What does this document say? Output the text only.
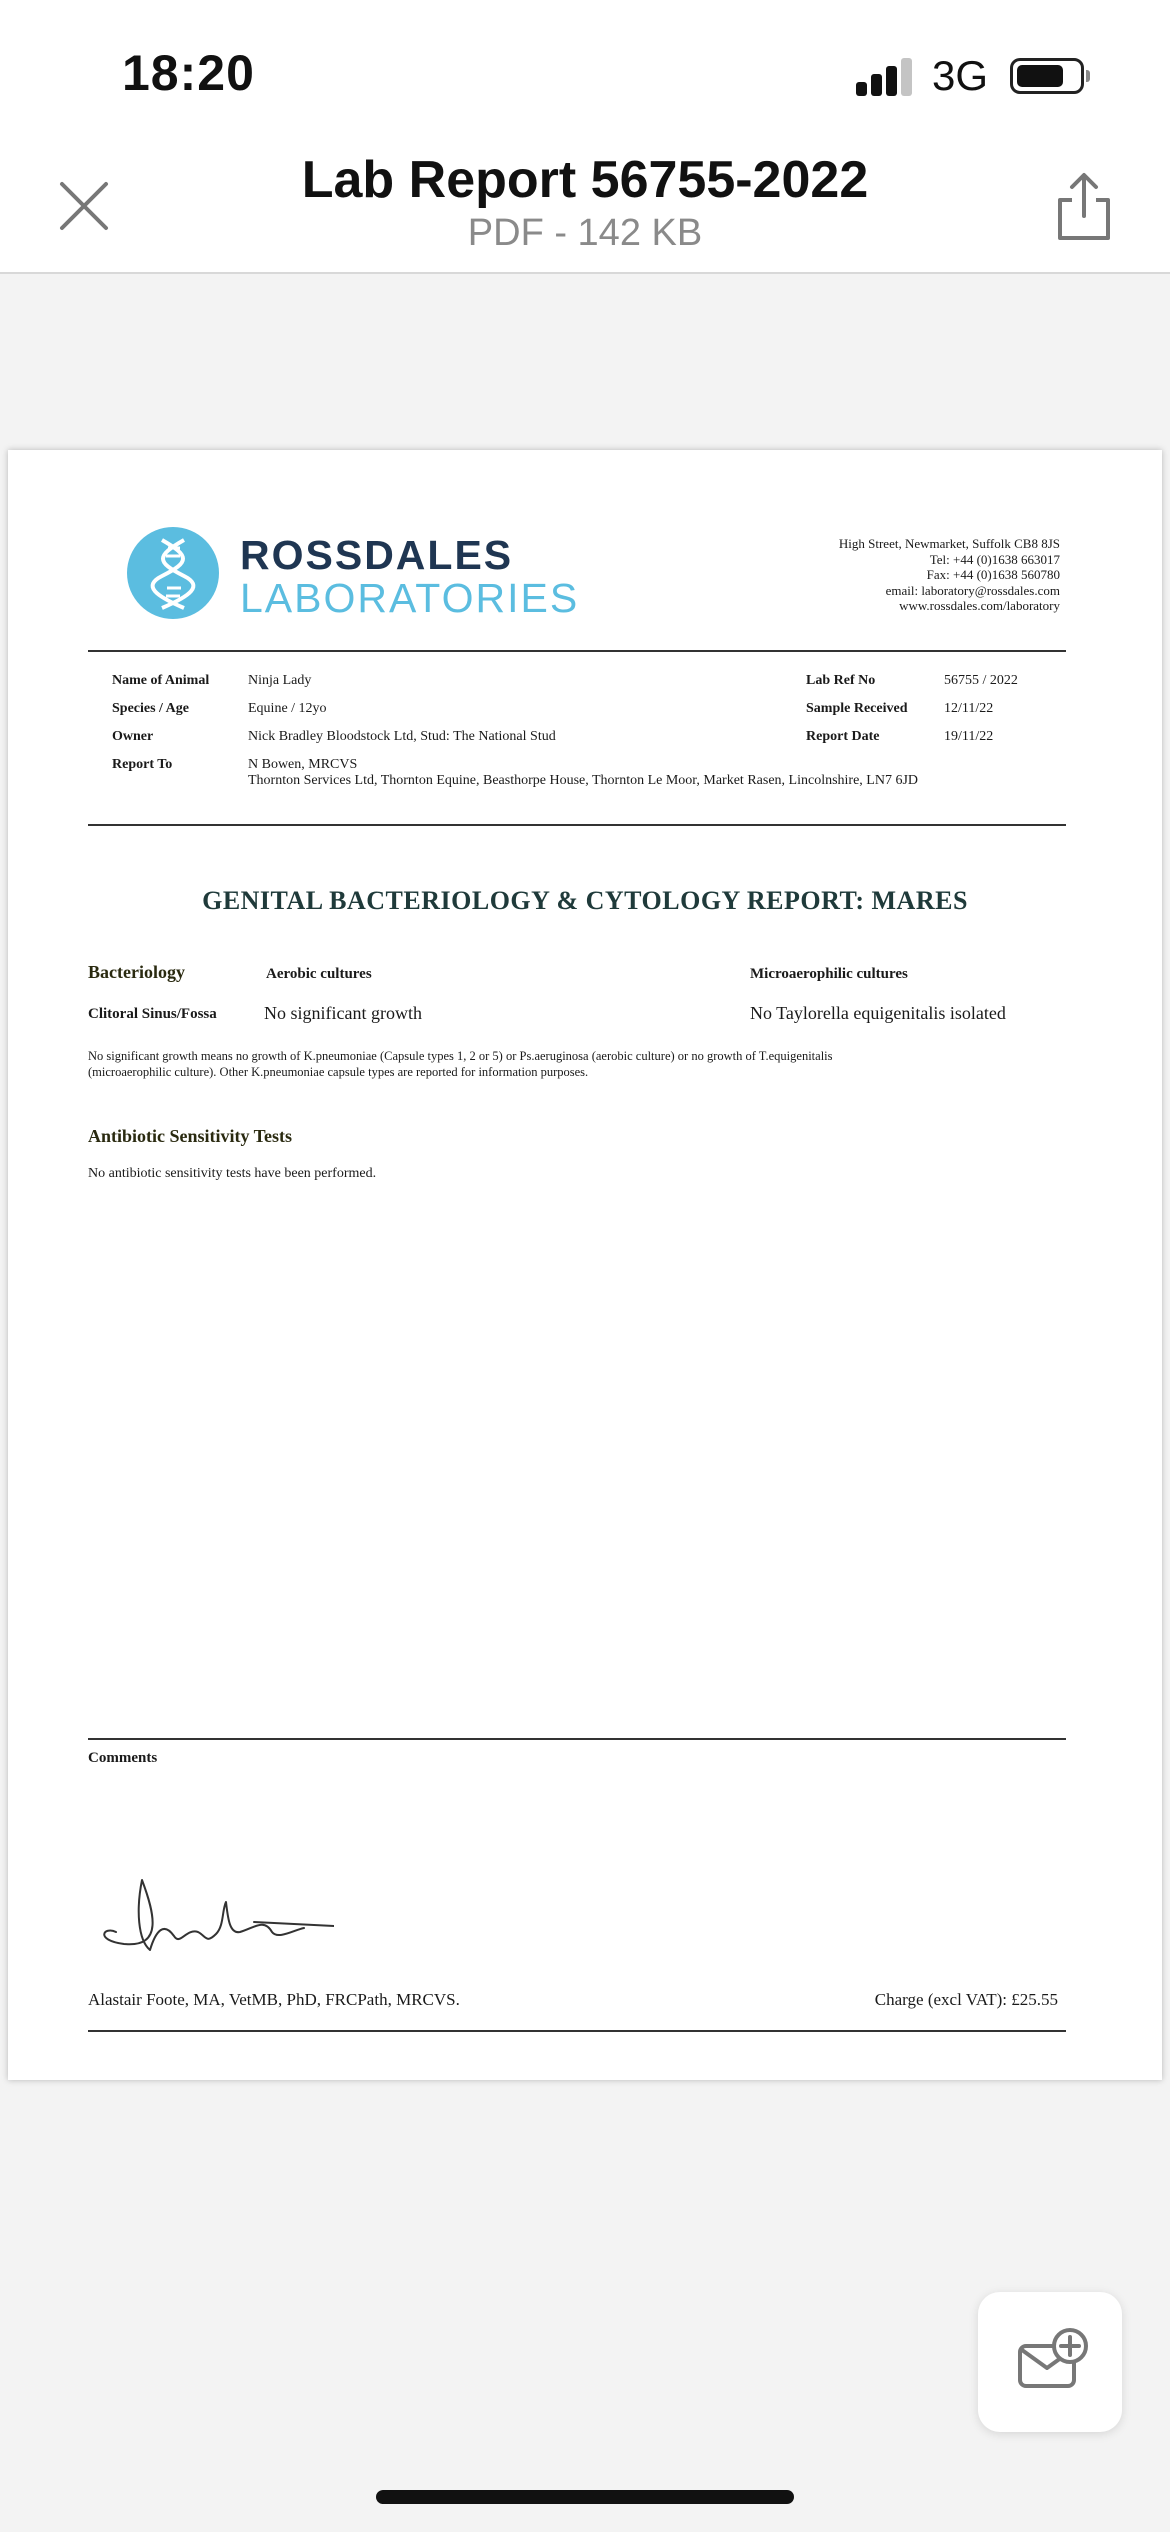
18:20	3G
Lab Report 56755-2022
PDF - 142 KB
ROSSDALES
LABORATORIES
High Street, Newmarket, Suffolk CB8 8JS
Tel: +44 (0)1638 663017
Fax: +44 (0)1638 560780
email: laboratory@rossdales.com
www.rossdales.com/laboratory
Name of Animal	Ninja Lady
Species / Age	Equine / 12yo
Owner	Nick Bradley Bloodstock Ltd, Stud: The National Stud
Report To	N Bowen, MRCVS
Thornton Services Ltd, Thornton Equine, Beasthorpe House, Thornton Le Moor, Market Rasen, Lincolnshire, LN7 6JD
Lab Ref No	56755 / 2022
Sample Received	12/11/22
Report Date	19/11/22
GENITAL BACTERIOLOGY & CYTOLOGY REPORT: MARES
Bacteriology	Aerobic cultures	Microaerophilic cultures
Clitoral Sinus/Fossa	No significant growth	No Taylorella equigenitalis isolated
No significant growth means no growth of K.pneumoniae (Capsule types 1, 2 or 5) or Ps.aeruginosa (aerobic culture) or no growth of T.equigenitalis
(microaerophilic culture). Other K.pneumoniae capsule types are reported for information purposes.
Antibiotic Sensitivity Tests
No antibiotic sensitivity tests have been performed.
Comments
Alastair Foote, MA, VetMB, PhD, FRCPath, MRCVS.	Charge (excl VAT): £25.55
